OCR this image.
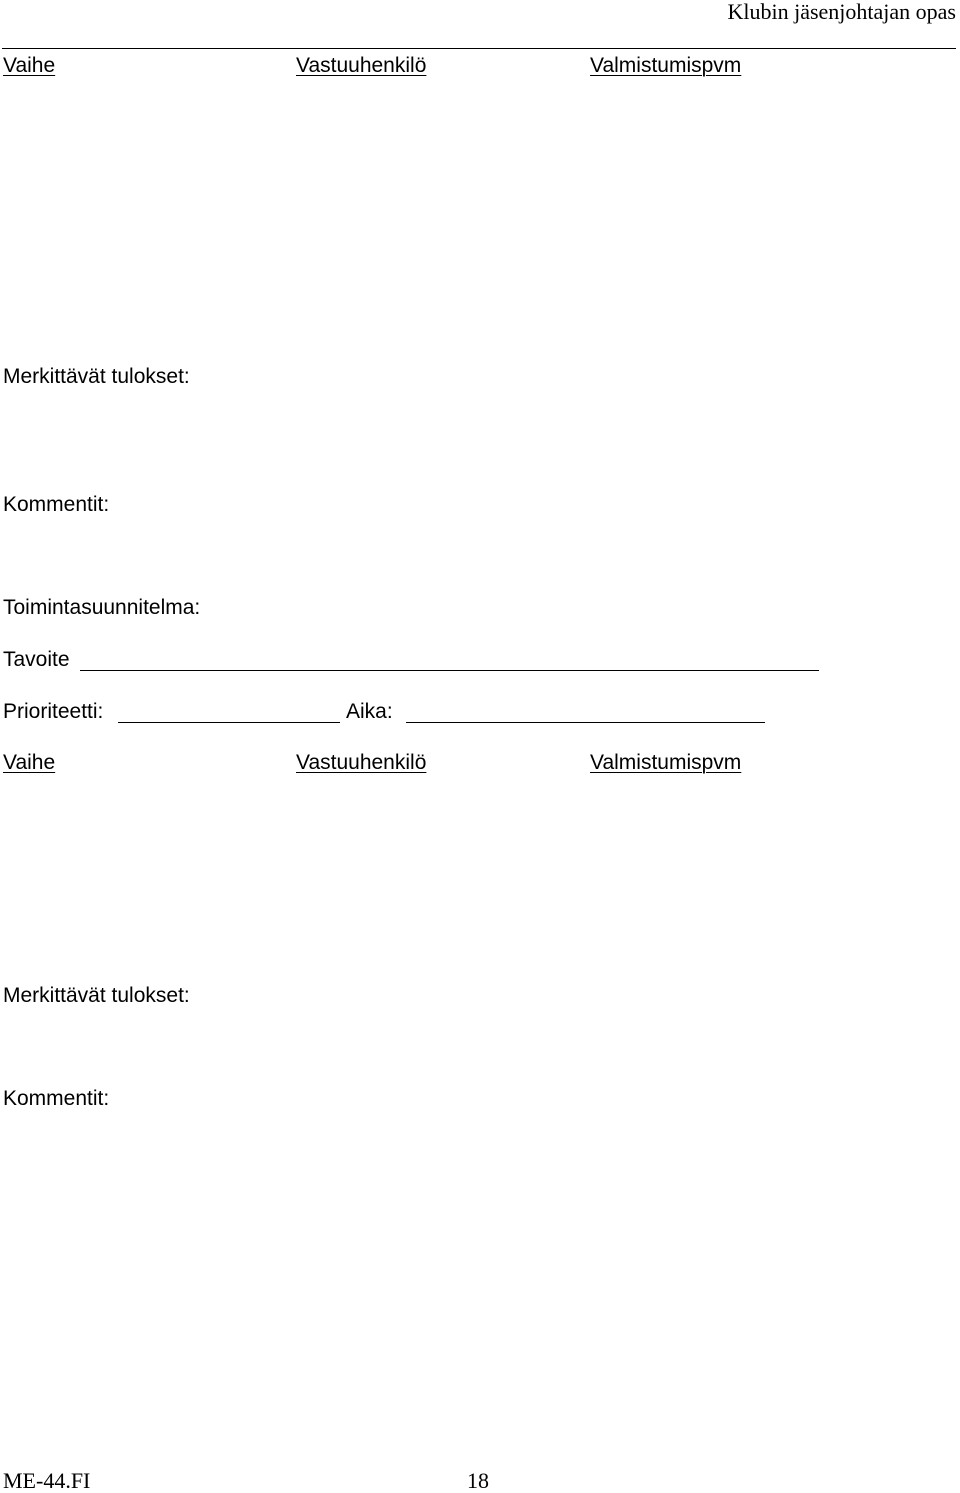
Klubin jäsenjohtajan opas
Vaihe	Vastuuhenkilö	Valmistumispvm
Merkittävät tulokset:
Kommentit:
Toimintasuunnitelma:
Tavoite
Prioriteetti:	Aika:
Vaihe	Vastuuhenkilö	Valmistumispvm
Merkittävät tulokset:
Kommentit:
ME-44.FI	18
